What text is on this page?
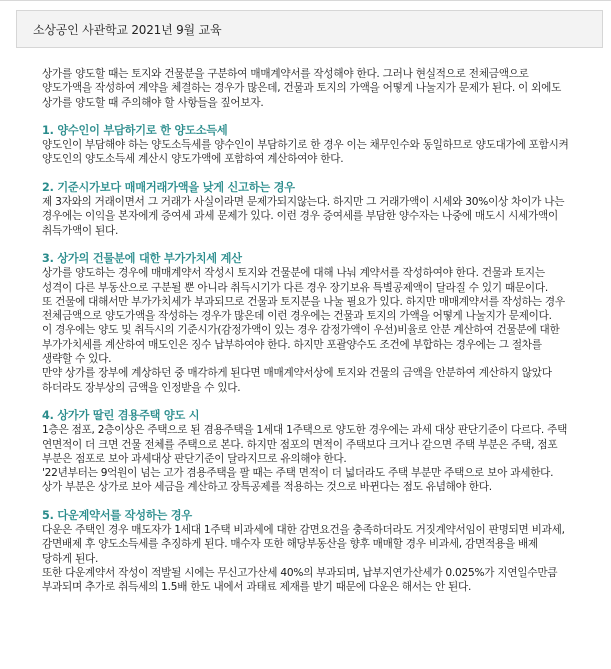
소상공인 사관학교 2021년 9월 교육

상가를 양도할 때는 토지와 건물분을 구분하여 매매계약서를 작성해야 한다. 그러나 현실적으로 전체금액으로 양도가액을 작성하여 계약을 체결하는 경우가 많은데, 건물과 토지의 가액을 어떻게 나눌지가 문제가 된다. 이 외에도 상가를 양도할 때 주의해야 할 사항들을 짚어보자.

1. 양수인이 부담하기로 한 양도소득세

양도인이 부담해야 하는 양도소득세를 양수인이 부담하기로 한 경우 이는 채무인수와 동일하므로 양도대가에 포함시켜 양도인의 양도소득세 계산시 양도가액에 포함하여 계산하여야 한다.

2. 기준시가보다 매매거래가액을 낮게 신고하는 경우

제 3자와의 거래이면서 그 거래가 사실이라면 문제가되지않는다. 하지만 그 거래가액이 시세와 30%이상 차이가 나는 경우에는 이익을 본자에게 증여세 과세 문제가 있다. 이런 경우 증여세를 부담한 양수자는 나중에 매도시 시세가액이 취득가액이 된다.

3. 상가의 건물분에 대한 부가가치세 계산

상가를 양도하는 경우에 매매계약서 작성시 토지와 건물분에 대해 나눠 계약서를 작성하여야 한다. 건물과 토지는 성격이 다른 부동산으로 구분될 뿐 아니라 취득시기가 다른 경우 장기보유 특별공제액이 달라질 수 있기 때문이다.

또 건물에 대해서만 부가가치세가 부과되므로 건물과 토지분을 나눌 필요가 있다. 하지만 매매계약서를 작성하는 경우 전체금액으로 양도가액을 작성하는 경우가 많은데 이런 경우에는 건물과 토지의 가액을 어떻게 나눌지가 문제이다.

이 경우에는 양도 및 취득시의 기준시가(감정가액이 있는 경우 감정가액이 우선)비율로 안분 계산하여 건물분에 대한 부가가치세를 계산하여 매도인은 징수 납부하여야 한다. 하지만 포괄양수도 조건에 부합하는 경우에는 그 절차를 생략할 수 있다.

만약 상가를 장부에 계상하던 중 매각하게 된다면 매매계약서상에 토지와 건물의 금액을 안분하여 계산하지 않았다 하더라도 장부상의 금액을 인정받을 수 있다.

4. 상가가 딸린 겸용주택 양도 시

1층은 점포, 2층이상은 주택으로 된 겸용주택을 1세대 1주택으로 양도한 경우에는 과세 대상 판단기준이 다르다. 주택 연면적이 더 크면 건물 전체를 주택으로 본다. 하지만 점포의 면적이 주택보다 크거나 같으면 주택 부분은 주택, 점포 부분은 점포로 보아 과세대상 판단기준이 달라지므로 유의해야 한다.

'22년부터는 9억원이 넘는 고가 겸용주택을 팔 때는 주택 면적이 더 넓더라도 주택 부분만 주택으로 보아 과세한다. 상가 부분은 상가로 보아 세금을 계산하고 장특공제를 적용하는 것으로 바뀐다는 점도 유념해야 한다.

5. 다운계약서를 작성하는 경우

다운은 주택인 경우 매도자가 1세대 1주택 비과세에 대한 감면요건을 충족하더라도 거짓계약서임이 판명되면 비과세, 감면배제 후 양도소득세를 추징하게 된다. 매수자 또한 해당부동산을 향후 매매할 경우 비과세, 감면적용을 배제 당하게 된다.

또한 다운계약서 작성이 적발될 시에는 무신고가산세 40%의 부과되며, 납부지연가산세가 0.025%가 지연일수만큼 부과되며 추가로 취득세의 1.5배 한도 내에서 과태료 제재를 받기 때문에 다운은 해서는 안 된다.
